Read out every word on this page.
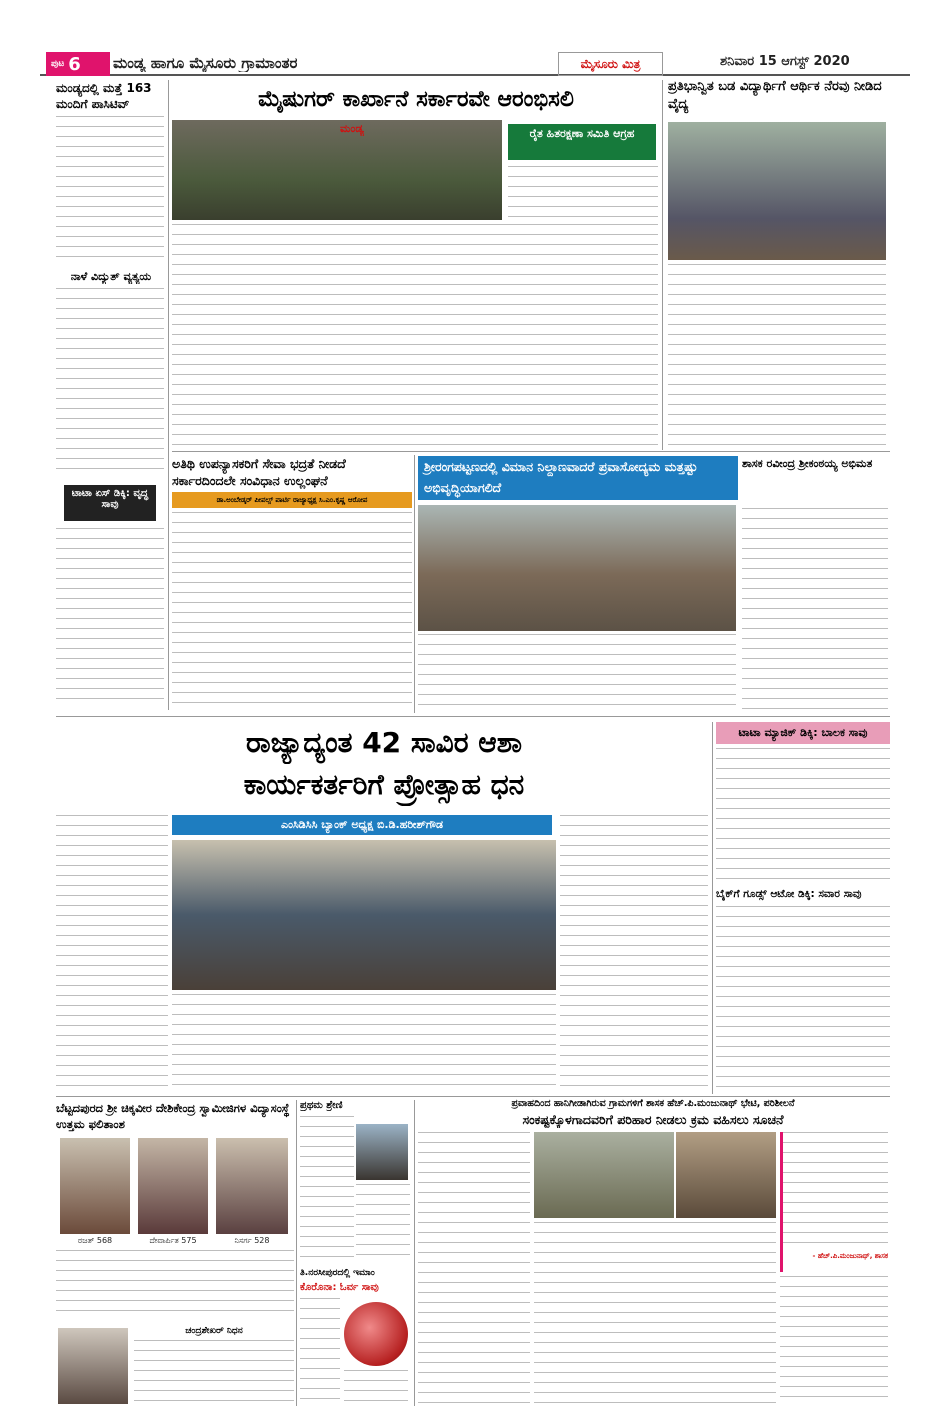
ಪುಟ 6 ಮಂಡ್ಯ ಹಾಗೂ ಮೈಸೂರು ಗ್ರಾಮಾಂತರ	ಮೈಸೂರು ಮಿತ್ರ	ಶನಿವಾರ 15 ಆಗಸ್ಟ್ 2020
ಮಂಡ್ಯದಲ್ಲಿ ಮತ್ತೆ 163 ಮಂದಿಗೆ ಪಾಸಿಟಿವ್
ನಾಳೆ ವಿದ್ಯುತ್ ವ್ಯತ್ಯಯ
ಟಾಟಾ ಏಸ್ ಡಿಕ್ಕಿ: ವೃದ್ಧ ಸಾವು
ಮೈಷುಗರ್ ಕಾರ್ಖಾನೆ ಸರ್ಕಾರವೇ ಆರಂಭಿಸಲಿ
ಮಂಡ್ಯ	ರೈತ ಹಿತರಕ್ಷಣಾ ಸಮಿತಿ ಆಗ್ರಹ
ಪ್ರತಿಭಾನ್ವಿತ ಬಡ ವಿದ್ಯಾರ್ಥಿಗೆ ಆರ್ಥಿಕ ನೆರವು ನೀಡಿದ ವೈದ್ಯ
ಅತಿಥಿ ಉಪನ್ಯಾಸಕರಿಗೆ ಸೇವಾ ಭದ್ರತೆ ನೀಡದೆ ಸರ್ಕಾರದಿಂದಲೇ ಸಂವಿಧಾನ ಉಲ್ಲಂಘನೆ
ಡಾ.ಅಂಬೇಡ್ಕರ್ ಪೀಪಲ್ಸ್ ಪಾರ್ಟಿ ರಾಜ್ಯಾಧ್ಯಕ್ಷ ಸಿ.ಎಂ.ಕೃಷ್ಣ ಆರೋಪ
ಶ್ರೀರಂಗಪಟ್ಟಣದಲ್ಲಿ ವಿಮಾನ ನಿಲ್ದಾಣವಾದರೆ ಪ್ರವಾಸೋದ್ಯಮ ಮತ್ತಷ್ಟು ಅಭಿವೃದ್ಧಿಯಾಗಲಿದೆ
ಶಾಸಕ ರವೀಂದ್ರ ಶ್ರೀಕಂಠಯ್ಯ ಅಭಿಮತ
ರಾಜ್ಯಾದ್ಯಂತ 42 ಸಾವಿರ ಆಶಾ
ಕಾರ್ಯಕರ್ತರಿಗೆ ಪ್ರೋತ್ಸಾಹ ಧನ
ಎಂಸಿಡಿಸಿಸಿ ಬ್ಯಾಂಕ್ ಅಧ್ಯಕ್ಷ ಬಿ.ಡಿ.ಹರೀಶ್‌ಗೌಡ
ಟಾಟಾ ಮ್ಯಾಜಿಕ್ ಡಿಕ್ಕಿ: ಬಾಲಕ ಸಾವು
ಬೈಕ್‌ಗೆ ಗೂಡ್ಸ್ ಆಟೋ ಡಿಕ್ಕಿ: ಸವಾರ ಸಾವು
ಬೆಟ್ಟದಪುರದ ಶ್ರೀ ಚಿಕ್ಕವೀರ ದೇಶಿಕೇಂದ್ರ ಸ್ವಾಮೀಜಿಗಳ ವಿದ್ಯಾಸಂಸ್ಥೆ ಉತ್ತಮ ಫಲಿತಾಂಶ
ರಜತ್ 568	ದೇವಾರ್ಪಿತ 575	ನಿಸರ್ಗ 528
ಚಂದ್ರಶೇಖರ್ ನಿಧನ
ಪ್ರಥಮ ಶ್ರೇಣಿ
ತಿ.ನರಸೀಪುರದಲ್ಲಿ ಇಮಾಂ
ಕೊರೊನಾ: ಓರ್ವ ಸಾವು
ಪ್ರವಾಹದಿಂದ ಹಾನಿಗೀಡಾಗಿರುವ ಗ್ರಾಮಗಳಿಗೆ ಶಾಸಕ ಹೆಚ್.ಪಿ.ಮಂಜುನಾಥ್ ಭೇಟಿ, ಪರಿಶೀಲನೆ
ಸಂಕಷ್ಟಕ್ಕೊಳಗಾದವರಿಗೆ ಪರಿಹಾರ ನೀಡಲು ಕ್ರಮ ವಹಿಸಲು ಸೂಚನೆ
- ಹೆಚ್.ಪಿ.ಮಂಜುನಾಥ್, ಶಾಸಕ
